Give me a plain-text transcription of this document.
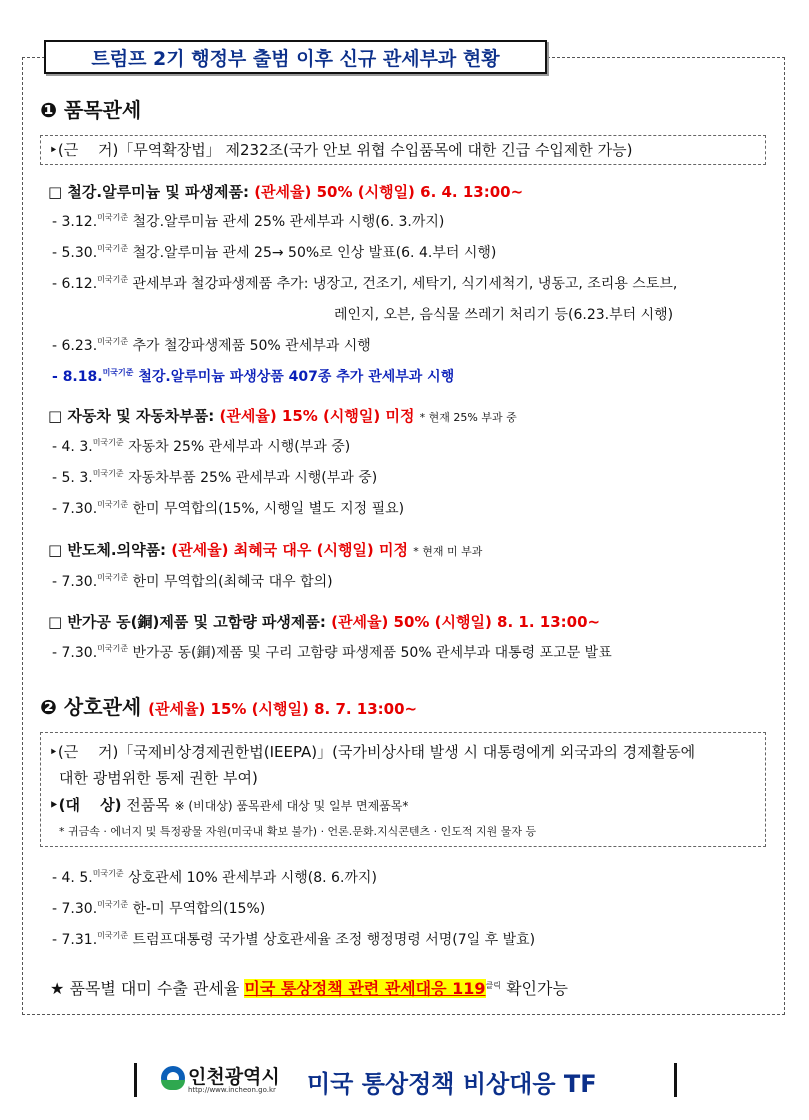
트럼프 2기 행정부 출범 이후 신규 관세부과 현황
❶ 품목관세
‣(근　 거)「무역확장법」 제232조(국가 안보 위협 수입품목에 대한 긴급 수입제한 가능)
□ 철강.알루미늄 및 파생제품: (관세율) 50% (시행일) 6. 4. 13:00~
- 3.12.$^{미국기준}$ 철강.알루미늄 관세 25% 관세부과 시행(6. 3.까지)
- 5.30.$^{미국기준}$ 철강.알루미늄 관세 25→ 50%로 인상 발표(6. 4.부터 시행)
- 6.12.$^{미국기준}$ 관세부과 철강파생제품 추가: 냉장고, 건조기, 세탁기, 식기세척기, 냉동고, 조리용 스토브,
레인지, 오븐, 음식물 쓰레기 처리기 등(6.23.부터 시행)
- 6.23.$^{미국기준}$ 추가 철강파생제품 50% 관세부과 시행
- 8.18.$^{미국기준}$ 철강.알루미늄 파생상품 407종 추가 관세부과 시행
□ 자동차 및 자동차부품: (관세율) 15% (시행일) 미정 * 현재 25% 부과 중
- 4. 3.$^{미국기준}$ 자동차 25% 관세부과 시행(부과 중)
- 5. 3.$^{미국기준}$ 자동차부품 25% 관세부과 시행(부과 중)
- 7.30.$^{미국기준}$ 한미 무역합의(15%, 시행일 별도 지정 필요)
□ 반도체.의약품: (관세율) 최혜국 대우 (시행일) 미정 * 현재 미 부과
- 7.30.$^{미국기준}$ 한미 무역합의(최혜국 대우 합의)
□ 반가공 동(銅)제품 및 고함량 파생제품: (관세율) 50% (시행일) 8. 1. 13:00~
- 7.30.$^{미국기준}$ 반가공 동(銅)제품 및 구리 고함량 파생제품 50% 관세부과 대통령 포고문 발표
❷ 상호관세 (관세율) 15% (시행일) 8. 7. 13:00~
‣(근　 거)「국제비상경제권한법(IEEPA)」(국가비상사태 발생 시 대통령에게 외국과의 경제활동에
대한 광범위한 통제 권한 부여)
‣(대　 상) 전품목 ※ (비대상) 품목관세 대상 및 일부 면제품목*
* 귀금속 · 에너지 및 특정광물 자원(미국내 확보 불가) · 언론.문화.지식콘텐츠 · 인도적 지원 물자 등
- 4. 5.$^{미국기준}$ 상호관세 10% 관세부과 시행(8. 6.까지)
- 7.30.$^{미국기준}$ 한-미 무역합의(15%)
- 7.31.$^{미국기준}$ 트럼프대통령 국가별 상호관세율 조정 행정명령 서명(7일 후 발효)
★ 품목별 대미 수출 관세율 미국 통상정책 관련 관세대응 $119^{클릭}$ 확인가능
인천광역시
http://www.incheon.go.kr 미국 통상정책 비상대응 TF
